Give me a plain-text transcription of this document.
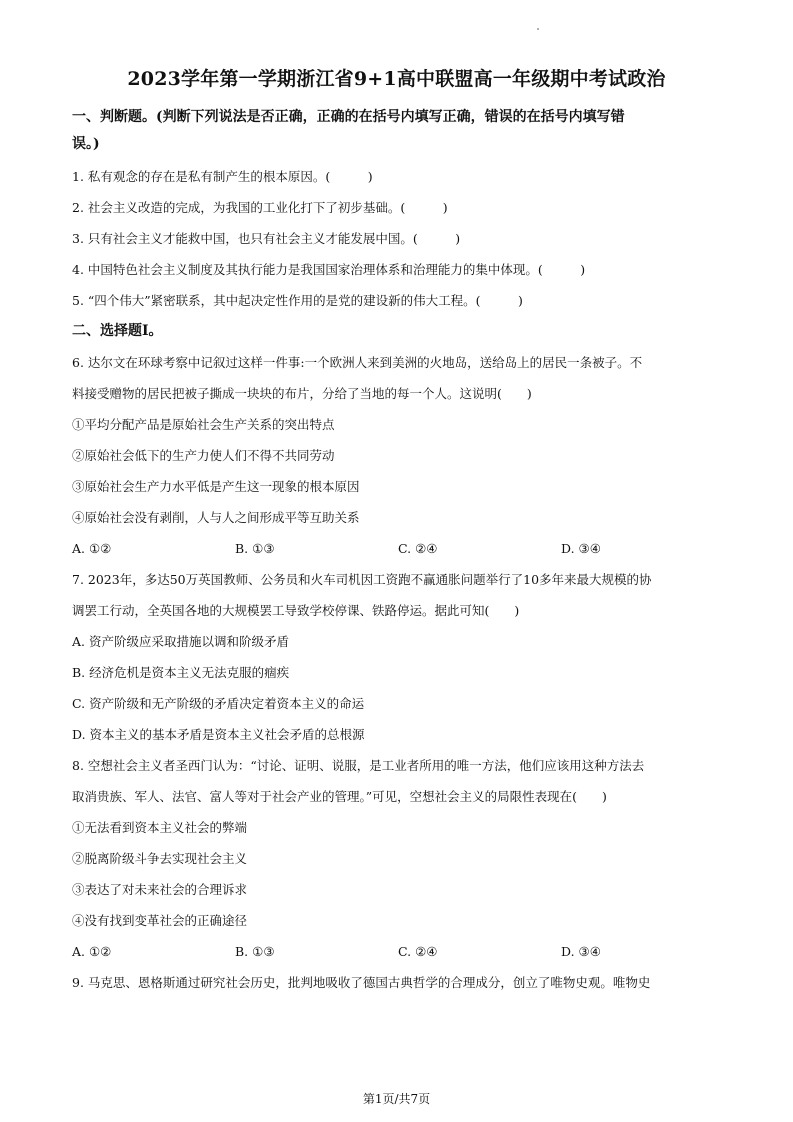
2023学年第一学期浙江省9+1高中联盟高一年级期中考试政治
一、判断题。(判断下列说法是否正确，正确的在括号内填写正确，错误的在括号内填写错
误。)
1. 私有观念的存在是私有制产生的根本原因。(　　　)
2. 社会主义改造的完成，为我国的工业化打下了初步基础。(　　　)
3. 只有社会主义才能救中国，也只有社会主义才能发展中国。(　　　)
4. 中国特色社会主义制度及其执行能力是我国国家治理体系和治理能力的集中体现。(　　　)
5. “四个伟大”紧密联系，其中起决定性作用的是党的建设新的伟大工程。(　　　)
二、选择题Ⅰ。
6. 达尔文在环球考察中记叙过这样一件事:一个欧洲人来到美洲的火地岛，送给岛上的居民一条被子。不
料接受赠物的居民把被子撕成一块块的布片，分给了当地的每一个人。这说明(　　)
①平均分配产品是原始社会生产关系的突出特点
②原始社会低下的生产力使人们不得不共同劳动
③原始社会生产力水平低是产生这一现象的根本原因
④原始社会没有剥削，人与人之间形成平等互助关系
A. ①②	B. ①③	C. ②④	D. ③④
7. 2023年，多达50万英国教师、公务员和火车司机因工资跑不赢通胀问题举行了10多年来最大规模的协
调罢工行动，全英国各地的大规模罢工导致学校停课、铁路停运。据此可知(　　)
A. 资产阶级应采取措施以调和阶级矛盾
B. 经济危机是资本主义无法克服的痼疾
C. 资产阶级和无产阶级的矛盾决定着资本主义的命运
D. 资本主义的基本矛盾是资本主义社会矛盾的总根源
8. 空想社会主义者圣西门认为：“讨论、证明、说服，是工业者所用的唯一方法，他们应该用这种方法去
取消贵族、军人、法官、富人等对于社会产业的管理。”可见，空想社会主义的局限性表现在(　　)
①无法看到资本主义社会的弊端
②脱离阶级斗争去实现社会主义
③表达了对未来社会的合理诉求
④没有找到变革社会的正确途径
A. ①②	B. ①③	C. ②④	D. ③④
9. 马克思、恩格斯通过研究社会历史，批判地吸收了德国古典哲学的合理成分，创立了唯物史观。唯物史
第1页/共7页
